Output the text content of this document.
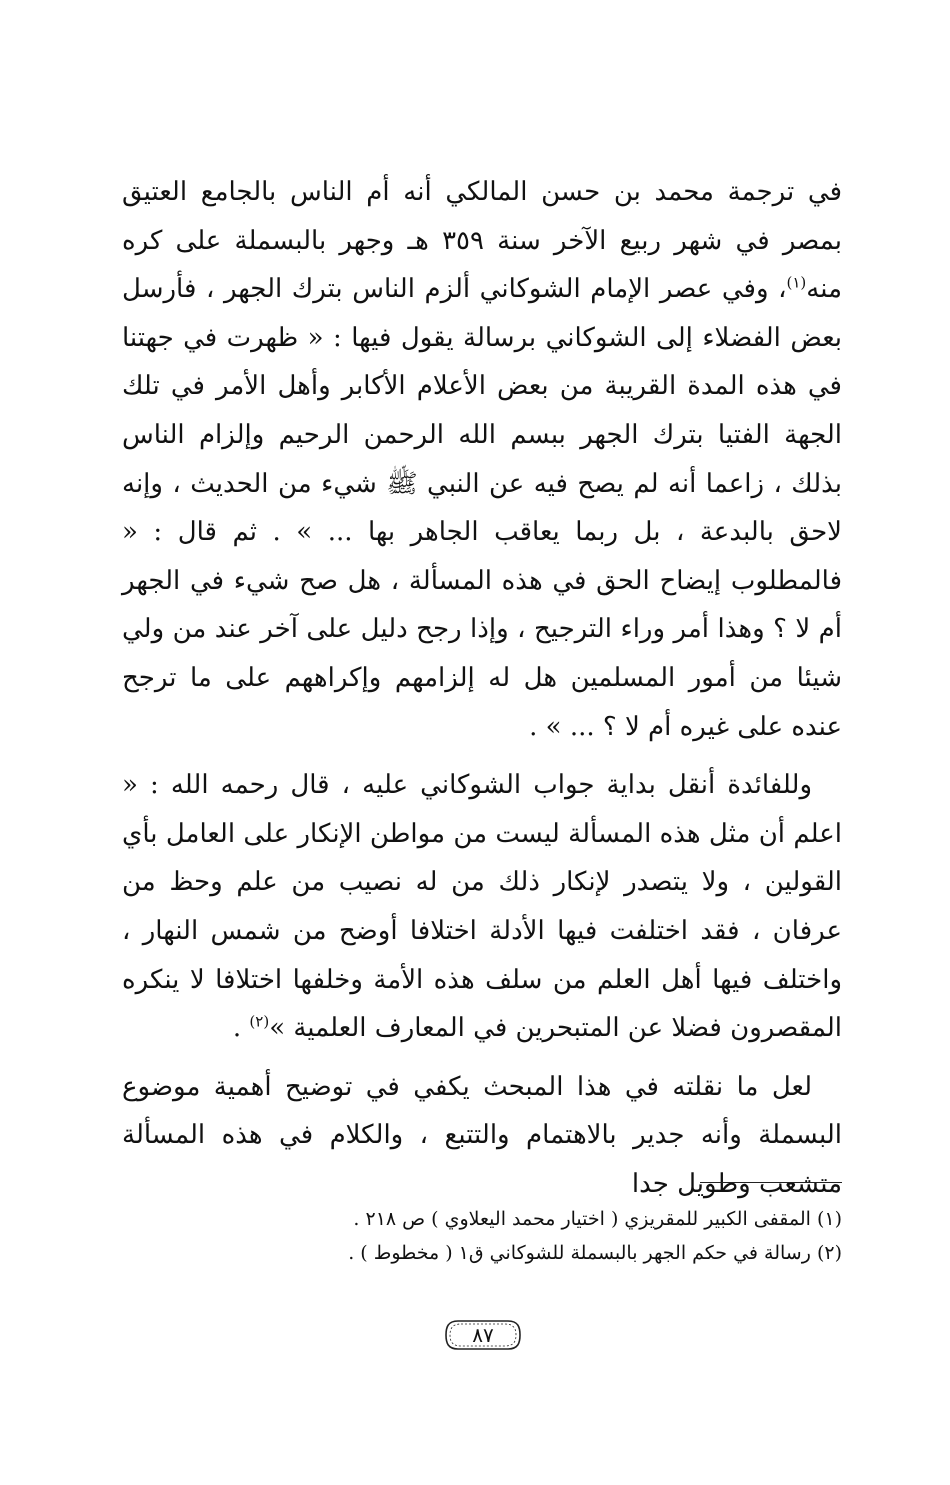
في ترجمة محمد بن حسن المالكي أنه أم الناس بالجامع العتيق بمصر في شهر ربيع الآخر سنة ٣٥٩ هـ وجهر بالبسملة على كره منه$^{(١)}$، وفي عصر الإمام الشوكاني ألزم الناس بترك الجهر ، فأرسل بعض الفضلاء إلى الشوكاني برسالة يقول فيها : « ظهرت في جهتنا في هذه المدة القريبة من بعض الأعلام الأكابر وأهل الأمر في تلك الجهة الفتيا بترك الجهر ببسم الله الرحمن الرحيم وإلزام الناس بذلك ، زاعما أنه لم يصح فيه عن النبي ﷺ شيء من الحديث ، وإنه لاحق بالبدعة ، بل ربما يعاقب الجاهر بها ... » . ثم قال : « فالمطلوب إيضاح الحق في هذه المسألة ، هل صح شيء في الجهر أم لا ؟ وهذا أمر وراء الترجيح ، وإذا رجح دليل على آخر عند من ولي شيئا من أمور المسلمين هل له إلزامهم وإكراههم على ما ترجح عنده على غيره أم لا ؟ ... » .

وللفائدة أنقل بداية جواب الشوكاني عليه ، قال رحمه الله : « اعلم أن مثل هذه المسألة ليست من مواطن الإنكار على العامل بأي القولين ، ولا يتصدر لإنكار ذلك من له نصيب من علم وحظ من عرفان ، فقد اختلفت فيها الأدلة اختلافا أوضح من شمس النهار ، واختلف فيها أهل العلم من سلف هذه الأمة وخلفها اختلافا لا ينكره المقصرون فضلا عن المتبحرين في المعارف العلمية »$^{(٢)}$ .

لعل ما نقلته في هذا المبحث يكفي في توضيح أهمية موضوع البسملة وأنه جدير بالاهتمام والتتبع ، والكلام في هذه المسألة متشعب وطويل جدا

(١) المقفى الكبير للمقريزي ( اختيار محمد اليعلاوي ) ص ٢١٨ .

(٢) رسالة في حكم الجهر بالبسملة للشوكاني ق١ ( مخطوط ) .

٨٧
